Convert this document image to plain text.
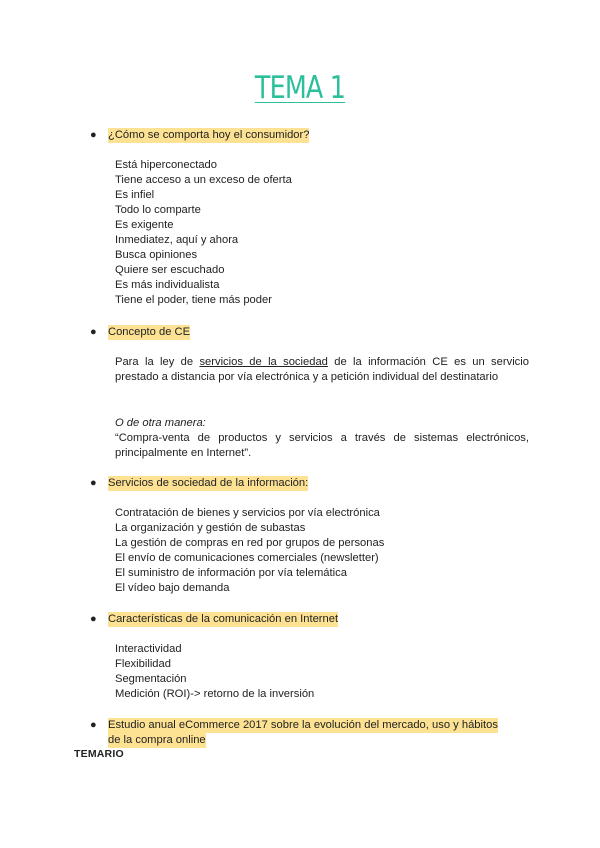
TEMA 1
● ¿Cómo se comporta hoy el consumidor?
Está hiperconectado
Tiene acceso a un exceso de oferta
Es infiel
Todo lo comparte
Es exigente
Inmediatez, aquí y ahora
Busca opiniones
Quiere ser escuchado
Es más individualista
Tiene el poder, tiene más poder
● Concepto de CE
Para la ley de servicios de la sociedad de la información CE es un servicio prestado a distancia por vía electrónica y a petición individual del destinatario
O de otra manera:
“Compra-venta de productos y servicios a través de sistemas electrónicos, principalmente en Internet”.
● Servicios de sociedad de la información:
Contratación de bienes y servicios por vía electrónica
La organización y gestión de subastas
La gestión de compras en red por grupos de personas
El envío de comunicaciones comerciales (newsletter)
El suministro de información por vía telemática
El vídeo bajo demanda
● Características de la comunicación en Internet
Interactividad
Flexibilidad
Segmentación
Medición (ROI)-> retorno de la inversión
● Estudio anual eCommerce 2017 sobre la evolución del mercado, uso y hábitos de la compra online
TEMARIO
